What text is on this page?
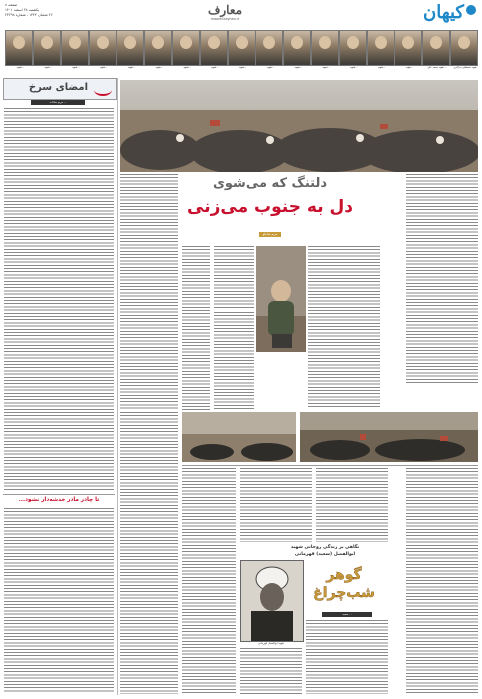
کیهان
معارف
maaref.kayhan.ir
صفحه ۸
یکشنبه ۲۸ اسفند ۱۴۰۱
۲۶ شعبان ۱۴۴۴ - شماره ۲۳۲۹۸
شهید مصطفی بدرالدین
شهید محمد علی ...
شهید...
شهید...
شهید...
شهید...
شهید...
شهید...
شهید...
شهید...
شهید...
شهید...
شهید...
شهید...
شهید...
شهید...
شهید...
امضای سرخ
مریم سادات ...
تا چادر مادر خدشه‌دار نشود...
دلتنگ که می‌شوی
دل به جنوب می‌زنی
مریم شاملو
نگاهی بر زندگی روحانی شهید
ابوالفضل (سعید) قهرمانی
گوهر شب‌چراغ
سمیه ...
شهید ابوالفضل قهرمانی
